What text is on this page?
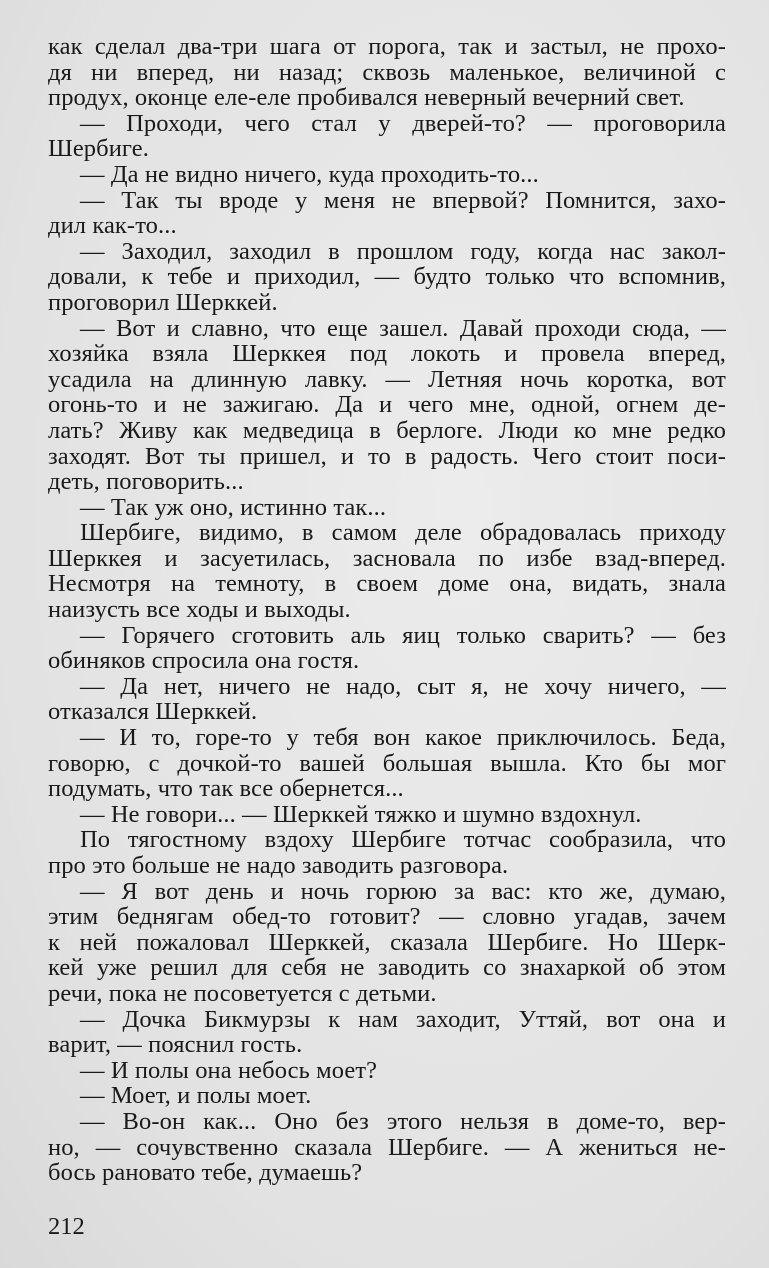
как сделал два-три шага от порога, так и застыл, не прохо-
дя ни вперед, ни назад; сквозь маленькое, величиной с
продух, оконце еле-еле пробивался неверный вечерний свет.
— Проходи, чего стал у дверей-то? — проговорила
Шербиге.
— Да не видно ничего, куда проходить-то...
— Так ты вроде у меня не впервой? Помнится, захо-
дил как-то...
— Заходил, заходил в прошлом году, когда нас закол-
довали, к тебе и приходил, — будто только что вспомнив,
проговорил Шерккей.
— Вот и славно, что еще зашел. Давай проходи сюда, —
хозяйка взяла Шерккея под локоть и провела вперед,
усадила на длинную лавку. — Летняя ночь коротка, вот
огонь-то и не зажигаю. Да и чего мне, одной, огнем де-
лать? Живу как медведица в берлоге. Люди ко мне редко
заходят. Вот ты пришел, и то в радость. Чего стоит поси-
деть, поговорить...
— Так уж оно, истинно так...
Шербиге, видимо, в самом деле обрадовалась приходу
Шерккея и засуетилась, засновала по избе взад-вперед.
Несмотря на темноту, в своем доме она, видать, знала
наизусть все ходы и выходы.
— Горячего сготовить аль яиц только сварить? — без
обиняков спросила она гостя.
— Да нет, ничего не надо, сыт я, не хочу ничего, —
отказался Шерккей.
— И то, горе-то у тебя вон какое приключилось. Беда,
говорю, с дочкой-то вашей большая вышла. Кто бы мог
подумать, что так все обернется...
— Не говори... — Шерккей тяжко и шумно вздохнул.
По тягостному вздоху Шербиге тотчас сообразила, что
про это больше не надо заводить разговора.
— Я вот день и ночь горюю за вас: кто же, думаю,
этим беднягам обед-то готовит? — словно угадав, зачем
к ней пожаловал Шерккей, сказала Шербиге. Но Шерк-
кей уже решил для себя не заводить со знахаркой об этом
речи, пока не посоветуется с детьми.
— Дочка Бикмурзы к нам заходит, Уттяй, вот она и
варит, — пояснил гость.
— И полы она небось моет?
— Моет, и полы моет.
— Во-он как... Оно без этого нельзя в доме-то, вер-
но, — сочувственно сказала Шербиге. — А жениться не-
бось рановато тебе, думаешь?
212
